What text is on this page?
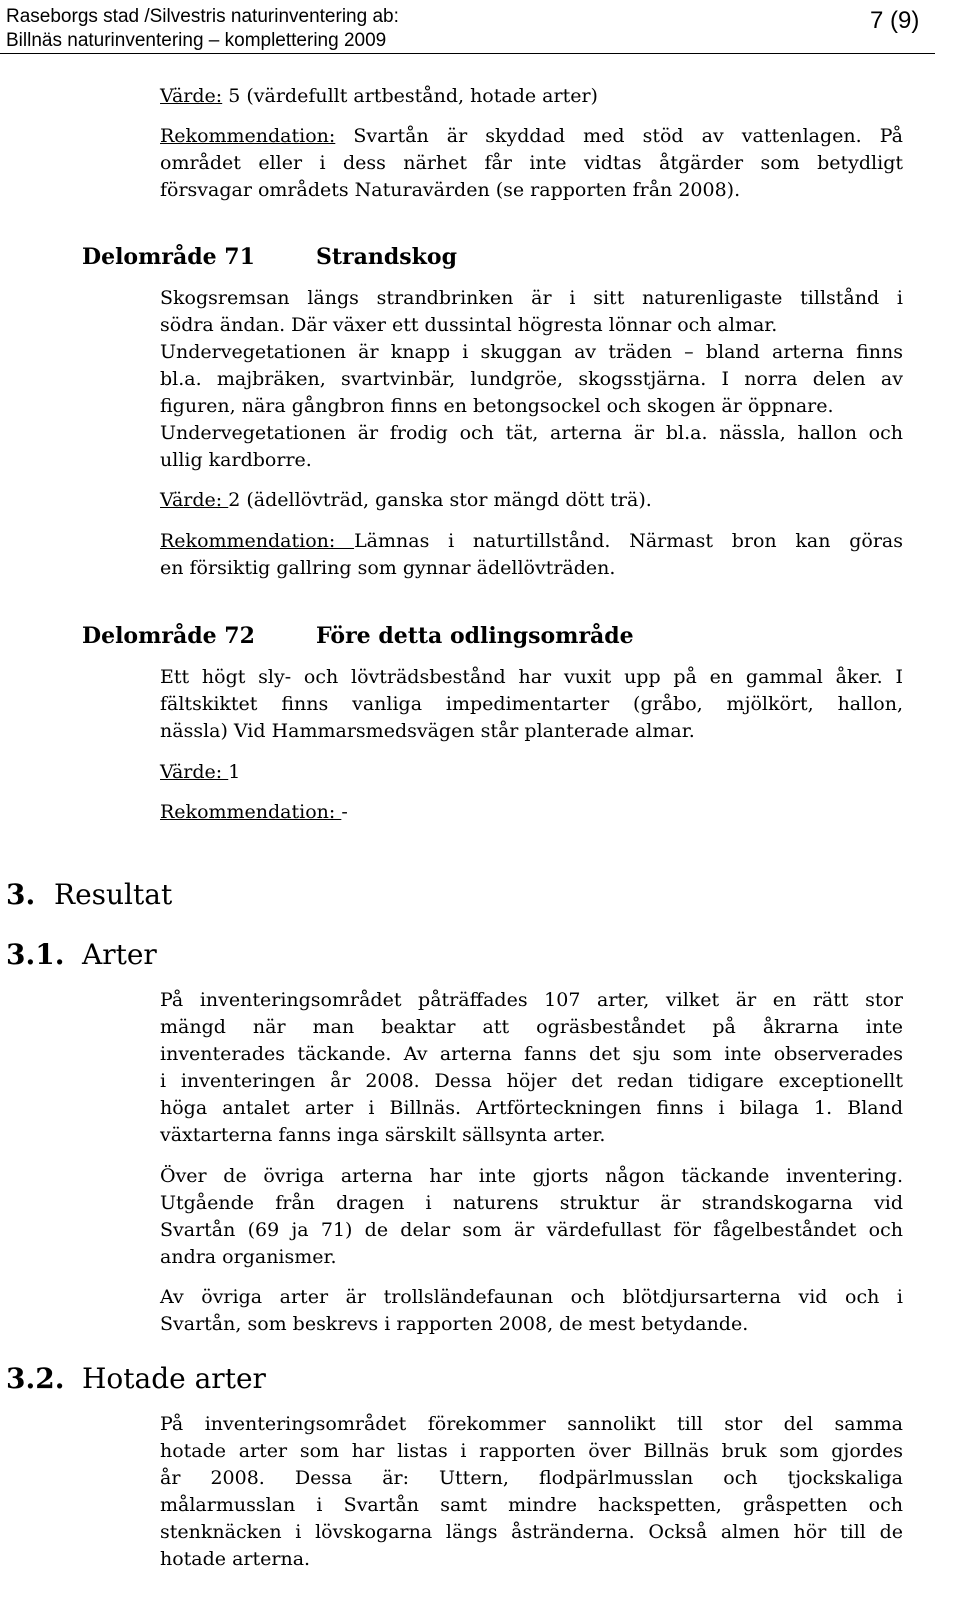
Raseborgs stad /Silvestris naturinventering ab:
Billnäs naturinventering – komplettering 2009
7 (9)
Värde: 5 (värdefullt artbestånd, hotade arter)
Rekommendation: Svartån är skyddad med stöd av vattenlagen. På
området eller i dess närhet får inte vidtas åtgärder som betydligt
försvagar områdets Naturavärden (se rapporten från 2008).
Delområde 71	Strandskog
Skogsremsan längs strandbrinken är i sitt naturenligaste tillstånd i
södra ändan. Där växer ett dussintal högresta lönnar och almar.
Undervegetationen är knapp i skuggan av träden – bland arterna finns
bl.a. majbräken, svartvinbär, lundgröe, skogsstjärna. I norra delen av
figuren, nära gångbron finns en betongsockel och skogen är öppnare.
Undervegetationen är frodig och tät, arterna är bl.a. nässla, hallon och
ullig kardborre.
Värde: 2 (ädellövträd, ganska stor mängd dött trä).
Rekommendation: Lämnas i naturtillstånd. Närmast bron kan göras
en försiktig gallring som gynnar ädellövträden.
Delområde 72	Före detta odlingsområde
Ett högt sly- och lövträdsbestånd har vuxit upp på en gammal åker. I
fältskiktet finns vanliga impedimentarter (gråbo, mjölkört, hallon,
nässla) Vid Hammarsmedsvägen står planterade almar.
Värde: 1
Rekommendation: -
3. Resultat
3.1. Arter
På inventeringsområdet påträffades 107 arter, vilket är en rätt stor
mängd när man beaktar att ogräsbeståndet på åkrarna inte
inventerades täckande. Av arterna fanns det sju som inte observerades
i inventeringen år 2008. Dessa höjer det redan tidigare exceptionellt
höga antalet arter i Billnäs. Artförteckningen finns i bilaga 1. Bland
växtarterna fanns inga särskilt sällsynta arter.
Över de övriga arterna har inte gjorts någon täckande inventering.
Utgående från dragen i naturens struktur är strandskogarna vid
Svartån (69 ja 71) de delar som är värdefullast för fågelbeståndet och
andra organismer.
Av övriga arter är trollsländefaunan och blötdjursarterna vid och i
Svartån, som beskrevs i rapporten 2008, de mest betydande.
3.2. Hotade arter
På inventeringsområdet förekommer sannolikt till stor del samma
hotade arter som har listas i rapporten över Billnäs bruk som gjordes
år 2008. Dessa är: Uttern, flodpärlmusslan och tjockskaliga
målarmusslan i Svartån samt mindre hackspetten, gråspetten och
stenknäcken i lövskogarna längs åstränderna. Också almen hör till de
hotade arterna.
